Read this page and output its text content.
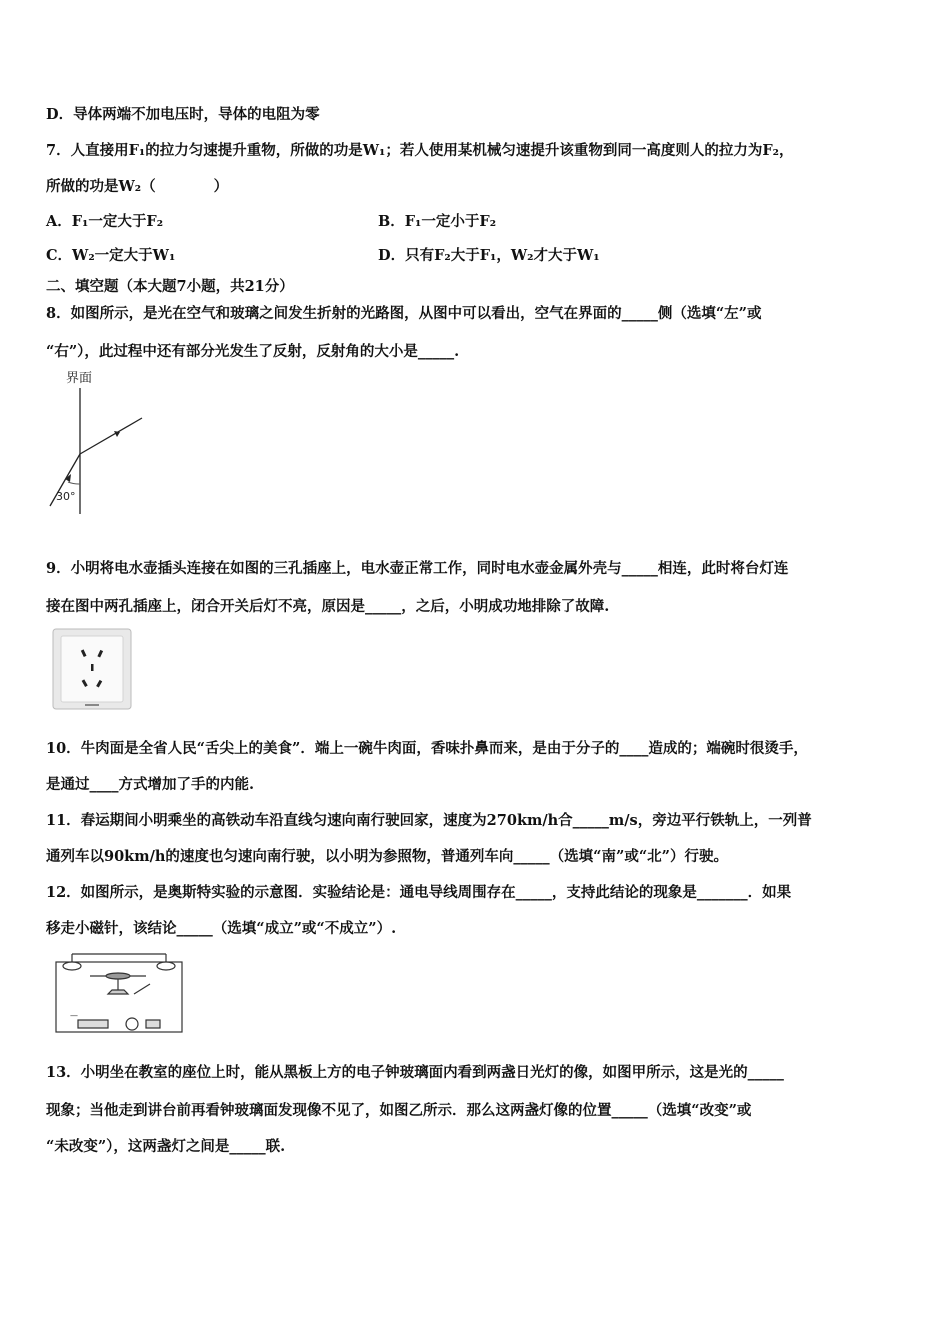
D．导体两端不加电压时，导体的电阻为零
7．人直接用F₁的拉力匀速提升重物，所做的功是W₁；若人使用某机械匀速提升该重物到同一高度则人的拉力为F₂，
所做的功是W₂（　　　　）
A．F₁一定大于F₂	B．F₁一定小于F₂
C．W₂一定大于W₁	D．只有F₂大于F₁，W₂才大于W₁
二、填空题（本大题7小题，共21分）
8．如图所示，是光在空气和玻璃之间发生折射的光路图，从图中可以看出，空气在界面的_____侧（选填“左”或
“右”），此过程中还有部分光发生了反射，反射角的大小是_____.
界面
30°
9．小明将电水壶插头连接在如图的三孔插座上，电水壶正常工作，同时电水壶金属外壳与_____相连，此时将台灯连
接在图中两孔插座上，闭合开关后灯不亮，原因是_____，之后，小明成功地排除了故障.
10．牛肉面是全省人民“舌尖上的美食”．端上一碗牛肉面，香味扑鼻而来，是由于分子的____造成的；端碗时很烫手，
是通过____方式增加了手的内能.
11．春运期间小明乘坐的高铁动车沿直线匀速向南行驶回家，速度为270km/h合_____m/s，旁边平行铁轨上，一列普
通列车以90km/h的速度也匀速向南行驶，以小明为参照物，普通列车向_____（选填“南”或“北”）行驶。
12．如图所示，是奥斯特实验的示意图．实验结论是：通电导线周围存在_____，支持此结论的现象是_______．如果
移走小磁针，该结论_____（选填“成立”或“不成立”）.
—
13．小明坐在教室的座位上时，能从黑板上方的电子钟玻璃面内看到两盏日光灯的像，如图甲所示，这是光的_____
现象；当他走到讲台前再看钟玻璃面发现像不见了，如图乙所示．那么这两盏灯像的位置_____（选填“改变”或
“未改变”），这两盏灯之间是_____联.
